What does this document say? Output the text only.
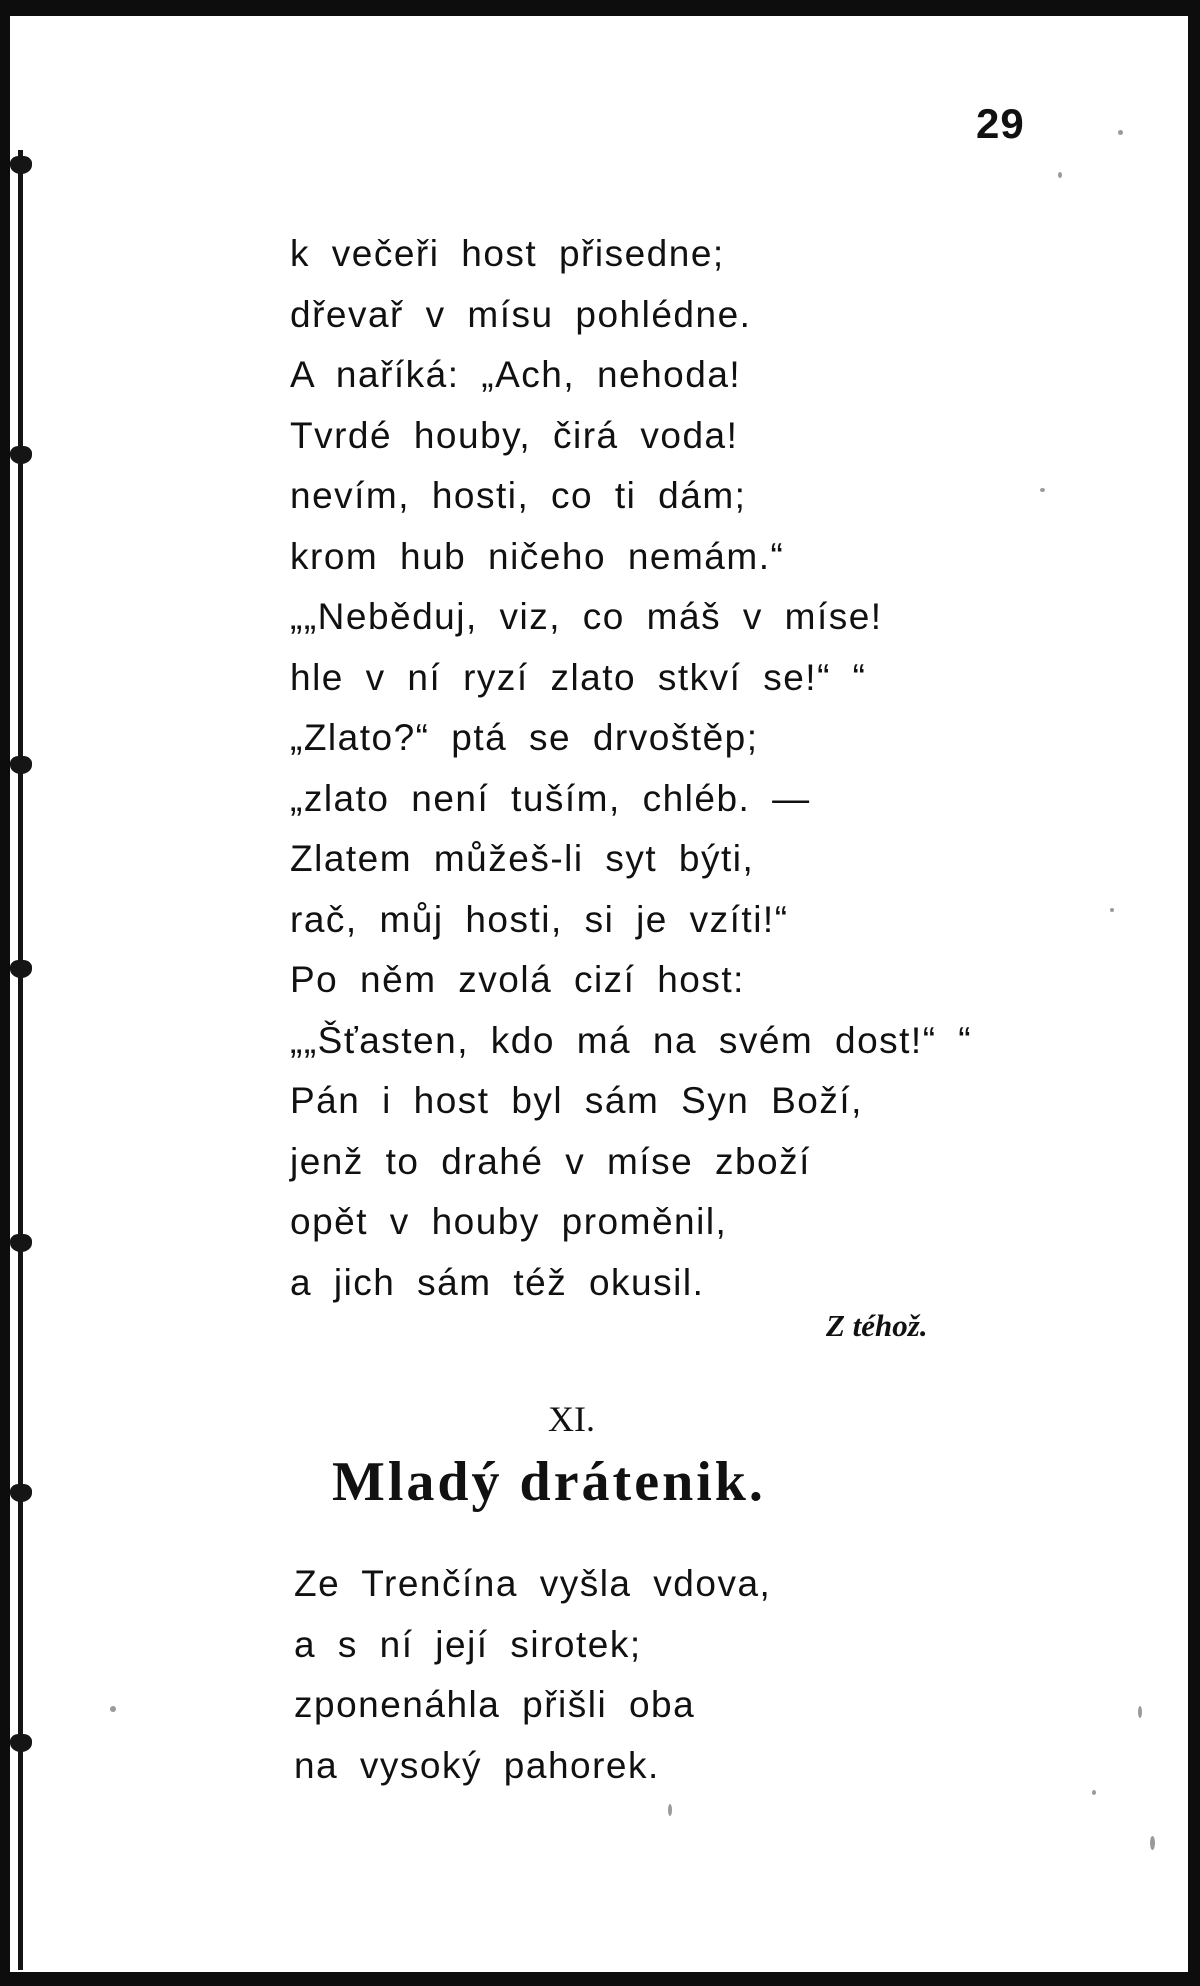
29
k večeři host přisedne;
dřevař v mísu pohlédne.
A naříká: „Ach, nehoda!
Tvrdé houby, čirá voda!
nevím, hosti, co ti dám;
krom hub ničeho nemám.“
„„Neběduj, viz, co máš v míse!
hle v ní ryzí zlato stkví se!“ “
„Zlato?“ ptá se drvoštěp;
„zlato není tuším, chléb. —
Zlatem můžeš-li syt býti,
rač, můj hosti, si je vzíti!“
Po něm zvolá cizí host:
„„Šťasten, kdo má na svém dost!“ “
Pán i host byl sám Syn Boží,
jenž to drahé v míse zboží
opět v houby proměnil,
a jich sám též okusil.
Z téhož.
XI.
Mladý drátenik.
Ze Trenčína vyšla vdova,
a s ní její sirotek;
zponenáhla přišli oba
na vysoký pahorek.
